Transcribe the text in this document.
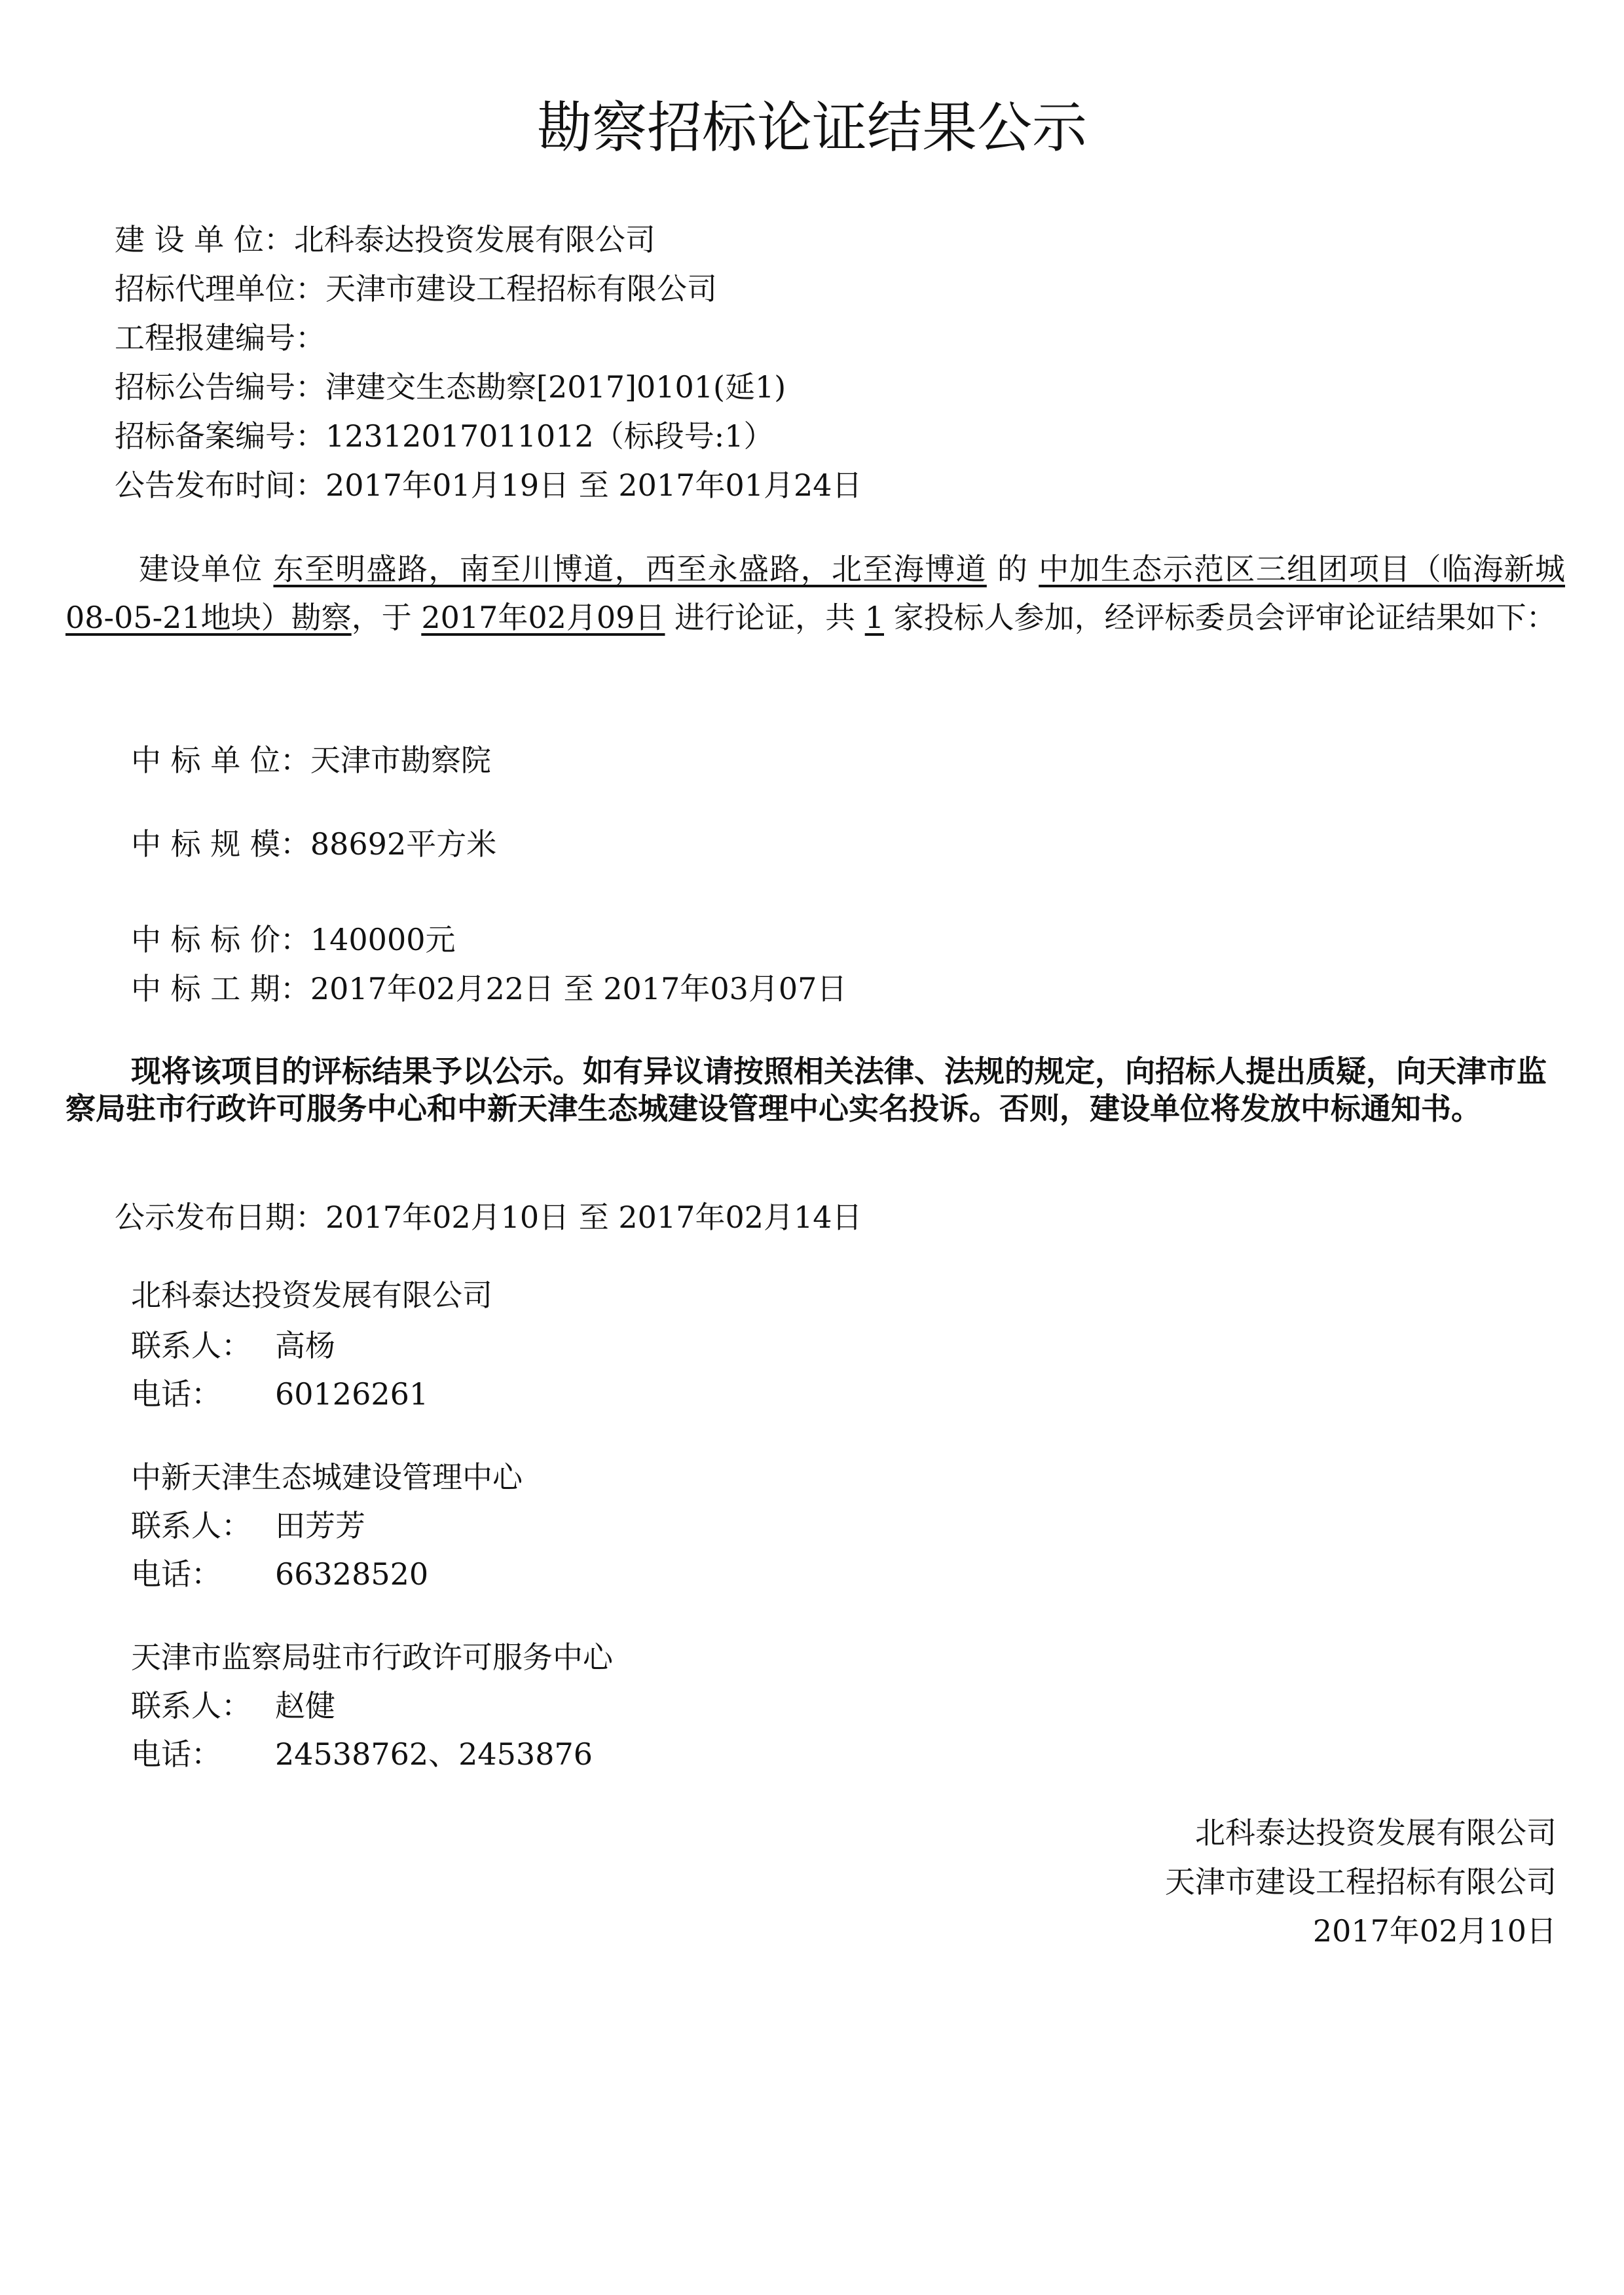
勘察招标论证结果公示
建 设 单 位：北科泰达投资发展有限公司
招标代理单位：天津市建设工程招标有限公司
工程报建编号：
招标公告编号：津建交生态勘察[2017]0101(延1)
招标备案编号：12312017011012（标段号:1）
公告发布时间：2017年01月19日 至 2017年01月24日
建设单位 东至明盛路，南至川博道，西至永盛路，北至海博道 的 中加生态示范区三组团项目（临海新城08-05-21地块）勘察，于 2017年02月09日 进行论证，共 1 家投标人参加，经评标委员会评审论证结果如下：
中 标 单 位：天津市勘察院
中 标 规 模：88692平方米
中 标 标 价：140000元
中 标 工 期：2017年02月22日 至 2017年03月07日
现将该项目的评标结果予以公示。如有异议请按照相关法律、法规的规定，向招标人提出质疑，向天津市监察局驻市行政许可服务中心和中新天津生态城建设管理中心实名投诉。否则，建设单位将发放中标通知书。
公示发布日期：2017年02月10日 至 2017年02月14日
北科泰达投资发展有限公司
联系人： 高杨
电话： 60126261
中新天津生态城建设管理中心
联系人： 田芳芳
电话： 66328520
天津市监察局驻市行政许可服务中心
联系人： 赵健
电话： 24538762、2453876
北科泰达投资发展有限公司
天津市建设工程招标有限公司
2017年02月10日
